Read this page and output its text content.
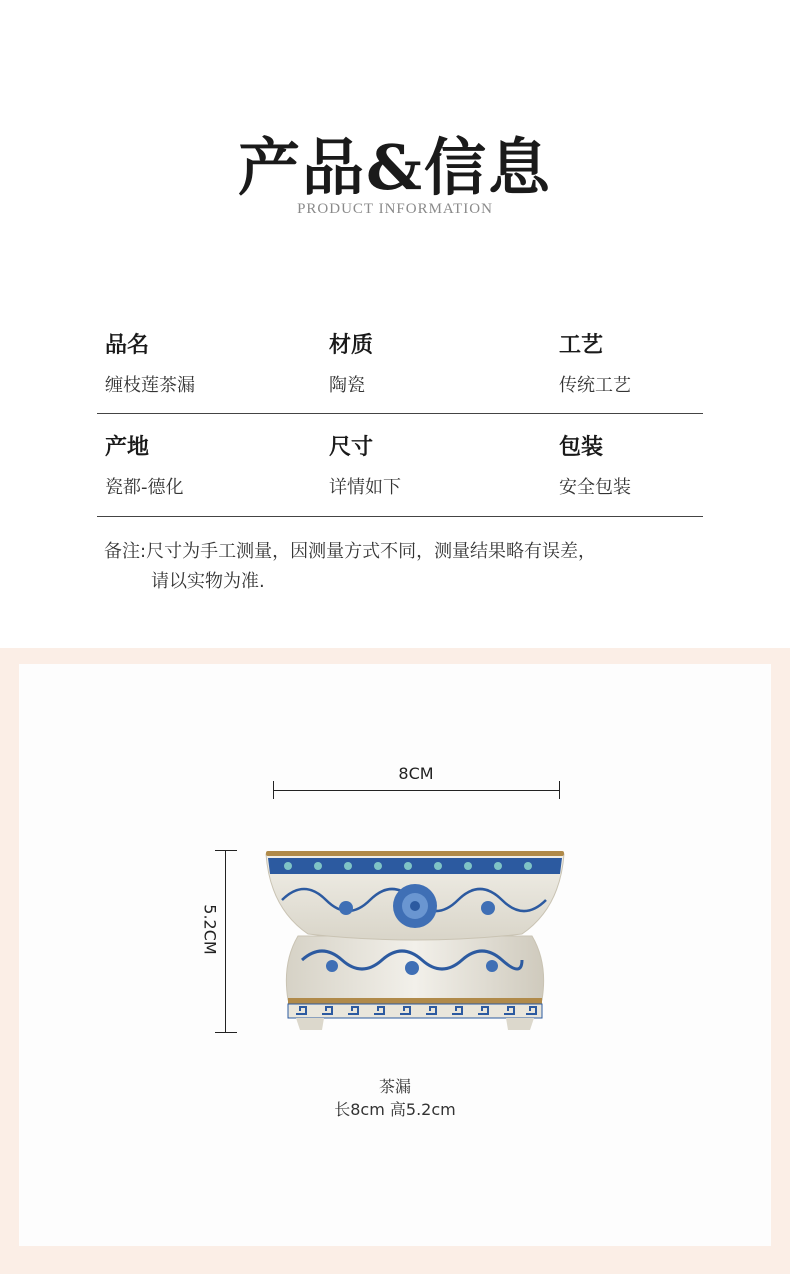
产品&信息
PRODUCT INFORMATION
品名
缠枝莲茶漏
材质
陶瓷
工艺
传统工艺
产地
瓷都-德化
尺寸
详情如下
包装
安全包装
备注:尺寸为手工测量，因测量方式不同，测量结果略有误差，
请以实物为准.
8CM
5.2CM
茶漏
长8cm 高5.2cm
